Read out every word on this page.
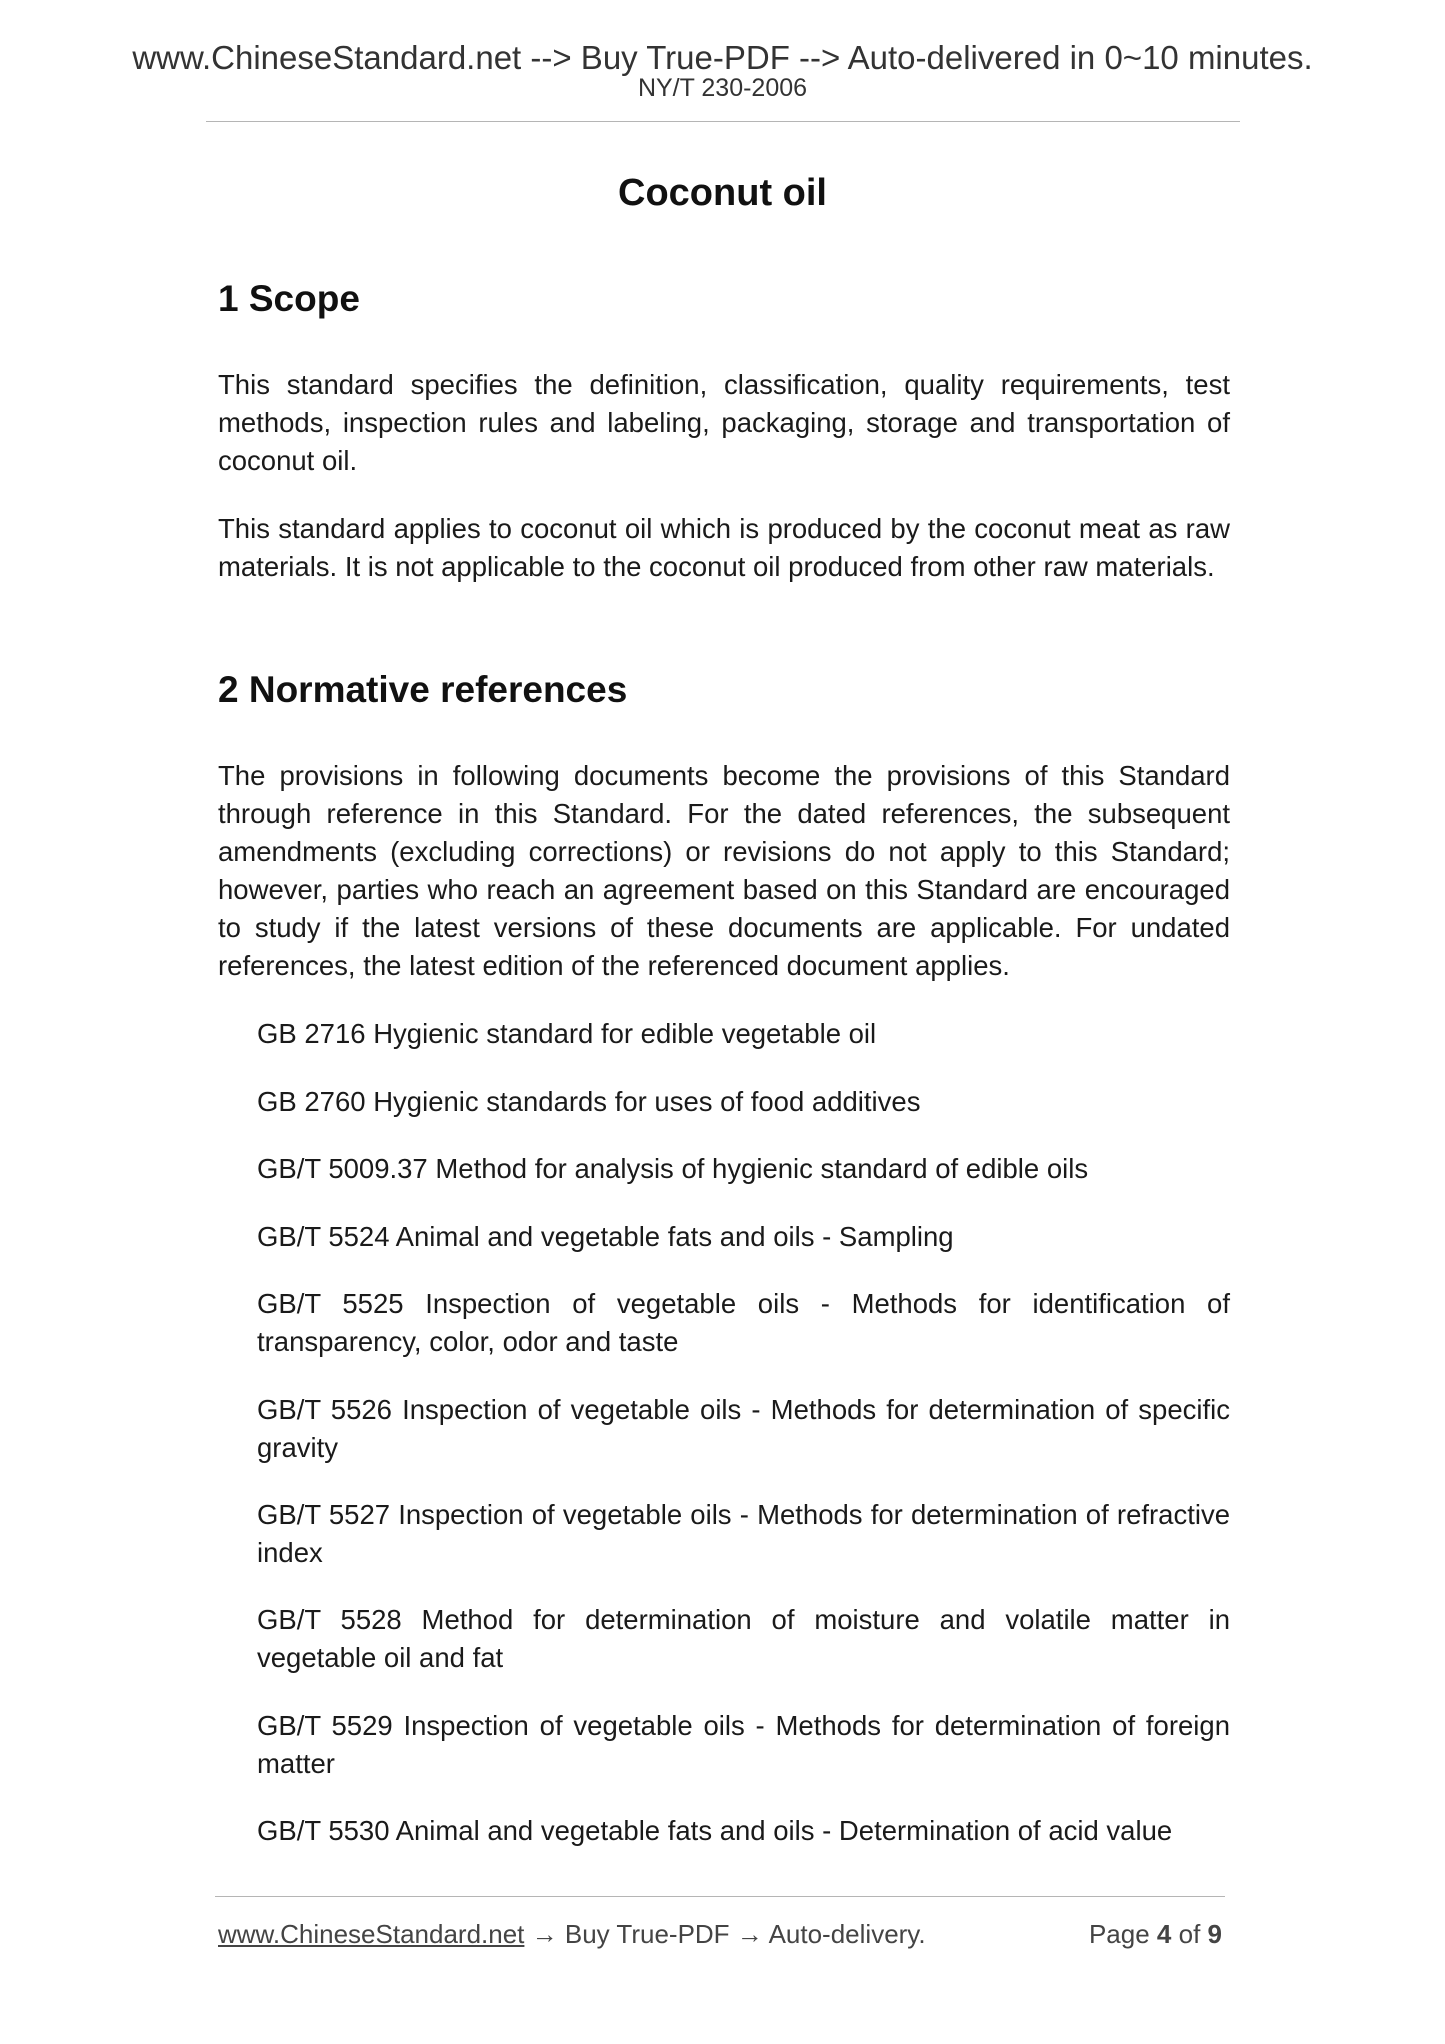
www.ChineseStandard.net --> Buy True-PDF --> Auto-delivered in 0~10 minutes.
NY/T 230-2006
Coconut oil
1 Scope
This standard specifies the definition, classification, quality requirements, test methods, inspection rules and labeling, packaging, storage and transportation of coconut oil.
This standard applies to coconut oil which is produced by the coconut meat as raw materials. It is not applicable to the coconut oil produced from other raw materials.
2 Normative references
The provisions in following documents become the provisions of this Standard through reference in this Standard. For the dated references, the subsequent amendments (excluding corrections) or revisions do not apply to this Standard; however, parties who reach an agreement based on this Standard are encouraged to study if the latest versions of these documents are applicable. For undated references, the latest edition of the referenced document applies.
GB 2716 Hygienic standard for edible vegetable oil
GB 2760 Hygienic standards for uses of food additives
GB/T 5009.37 Method for analysis of hygienic standard of edible oils
GB/T 5524 Animal and vegetable fats and oils - Sampling
GB/T 5525 Inspection of vegetable oils - Methods for identification of transparency, color, odor and taste
GB/T 5526 Inspection of vegetable oils - Methods for determination of specific gravity
GB/T 5527 Inspection of vegetable oils - Methods for determination of refractive index
GB/T 5528 Method for determination of moisture and volatile matter in vegetable oil and fat
GB/T 5529 Inspection of vegetable oils - Methods for determination of foreign matter
GB/T 5530 Animal and vegetable fats and oils - Determination of acid value
www.ChineseStandard.net → Buy True-PDF → Auto-delivery.	Page 4 of 9
